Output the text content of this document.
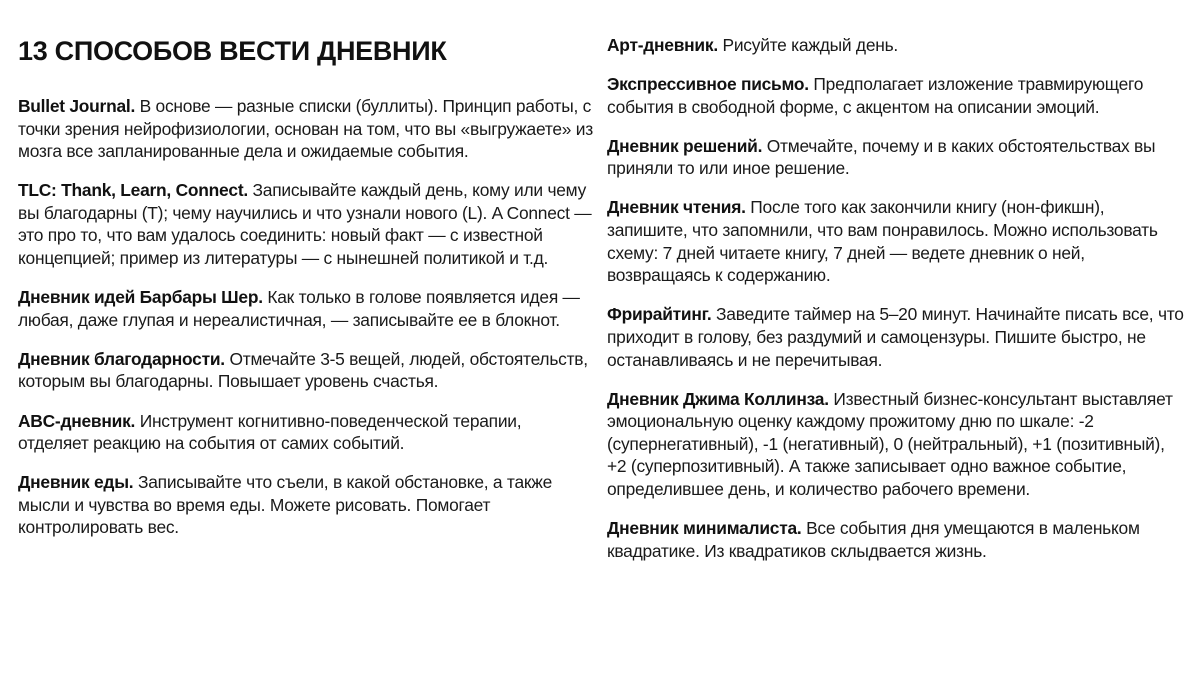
13 СПОСОБОВ ВЕСТИ ДНЕВНИК

Bullet Journal. В основе — разные списки (буллиты). Принцип работы, с точки зрения нейрофизиологии, основан на том, что вы «выгружаете» из мозга все запланированные дела и ожидаемые события.

TLC: Thank, Learn, Connect. Записывайте каждый день, кому или чему вы благодарны (T); чему научились и что узнали нового (L). A Connect — это про то, что вам удалось соединить: новый факт — с известной концепцией; пример из литературы — с нынешней политикой и т.д.

Дневник идей Барбары Шер. Как только в голове появляется идея — любая, даже глупая и нереалистичная, — записывайте ее в блокнот.

Дневник благодарности. Отмечайте 3-5 вещей, людей, обстоятельств, которым вы благодарны. Повышает уровень счастья.

ABC-дневник. Инструмент когнитивно-поведенческой терапии, отделяет реакцию на события от самих событий.

Дневник еды. Записывайте что съели, в какой обстановке, а также мысли и чувства во время еды. Можете рисовать. Помогает контролировать вес.

Арт-дневник. Рисуйте каждый день.

Экспрессивное письмо. Предполагает изложение травмирующего события в свободной форме, с акцентом на описании эмоций.

Дневник решений. Отмечайте, почему и в каких обстоятельствах вы приняли то или иное решение.

Дневник чтения. После того как закончили книгу (нон-фикшн), запишите, что запомнили, что вам понравилось. Можно использовать схему: 7 дней читаете книгу, 7 дней — ведете дневник о ней, возвращаясь к содержанию.

Фрирайтинг. Заведите таймер на 5–20 минут. Начинайте писать все, что приходит в голову, без раздумий и самоцензуры. Пишите быстро, не останавливаясь и не перечитывая.

Дневник Джима Коллинза. Известный бизнес-консультант выставляет эмоциональную оценку каждому прожитому дню по шкале: -2 (супернегативный), -1 (негативный), 0 (нейтральный), +1 (позитивный), +2 (суперпозитивный). А также записывает одно важное событие, определившее день, и количество рабочего времени.

Дневник минималиста. Все события дня умещаются в маленьком квадратике. Из квадратиков склыдвается жизнь.
